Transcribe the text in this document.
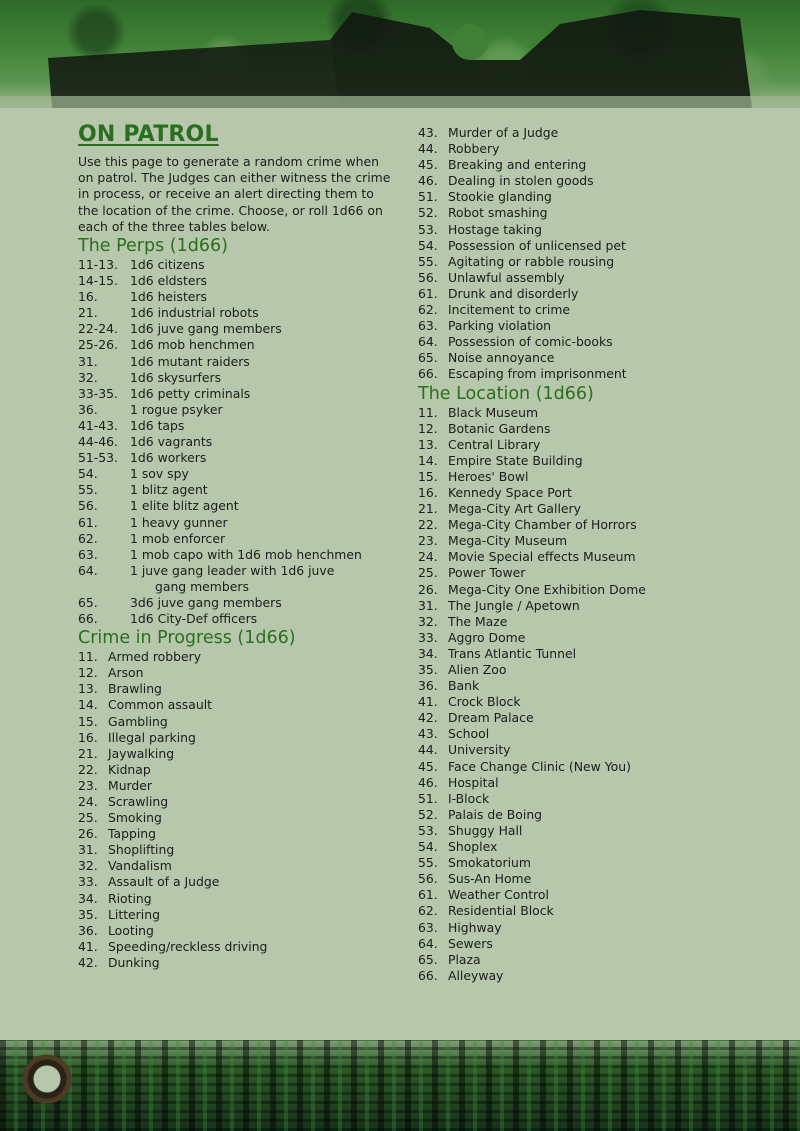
ON PATROL

Use this page to generate a random crime when on patrol. The Judges can either witness the crime in process, or receive an alert directing them to the location of the crime. Choose, or roll 1d66 on each of the three tables below.

The Perps (1d66)
11-13. 1d6 citizens
14-15. 1d6 eldsters
16.	1d6 heisters
21.	1d6 industrial robots
22-24. 1d6 juve gang members
25-26. 1d6 mob henchmen
31.	1d6 mutant raiders
32.	1d6 skysurfers
33-35. 1d6 petty criminals
36.	1 rogue psyker
41-43. 1d6 taps
44-46. 1d6 vagrants
51-53. 1d6 workers
54.	1 sov spy
55.	1 blitz agent
56.	1 elite blitz agent
61.	1 heavy gunner
62.	1 mob enforcer
63.	1 mob capo with 1d6 mob henchmen
64.	1 juve gang leader with 1d6 juve
gang members
65.	3d6 juve gang members
66.	1d6 City-Def officers
Crime in Progress (1d66)
11. Armed robbery
12. Arson
13. Brawling
14. Common assault
15. Gambling
16. Illegal parking
21. Jaywalking
22. Kidnap
23. Murder
24. Scrawling
25. Smoking
26. Tapping
31. Shoplifting
32. Vandalism
33. Assault of a Judge
34. Rioting
35. Littering
36. Looting
41. Speeding/reckless driving
42. Dunking
43. Murder of a Judge
44. Robbery
45. Breaking and entering
46. Dealing in stolen goods
51. Stookie glanding
52. Robot smashing
53. Hostage taking
54. Possession of unlicensed pet
55. Agitating or rabble rousing
56. Unlawful assembly
61. Drunk and disorderly
62. Incitement to crime
63. Parking violation
64. Possession of comic-books
65. Noise annoyance
66. Escaping from imprisonment
The Location (1d66)
11. Black Museum
12. Botanic Gardens
13. Central Library
14. Empire State Building
15. Heroes' Bowl
16. Kennedy Space Port
21. Mega-City Art Gallery
22. Mega-City Chamber of Horrors
23. Mega-City Museum
24. Movie Special effects Museum
25. Power Tower
26. Mega-City One Exhibition Dome
31. The Jungle / Apetown
32. The Maze
33. Aggro Dome
34. Trans Atlantic Tunnel
35. Alien Zoo
36. Bank
41. Crock Block
42. Dream Palace
43. School
44. University
45. Face Change Clinic (New You)
46. Hospital
51. I-Block
52. Palais de Boing
53. Shuggy Hall
54. Shoplex
55. Smokatorium
56. Sus-An Home
61. Weather Control
62. Residential Block
63. Highway
64. Sewers
65. Plaza
66. Alleyway
